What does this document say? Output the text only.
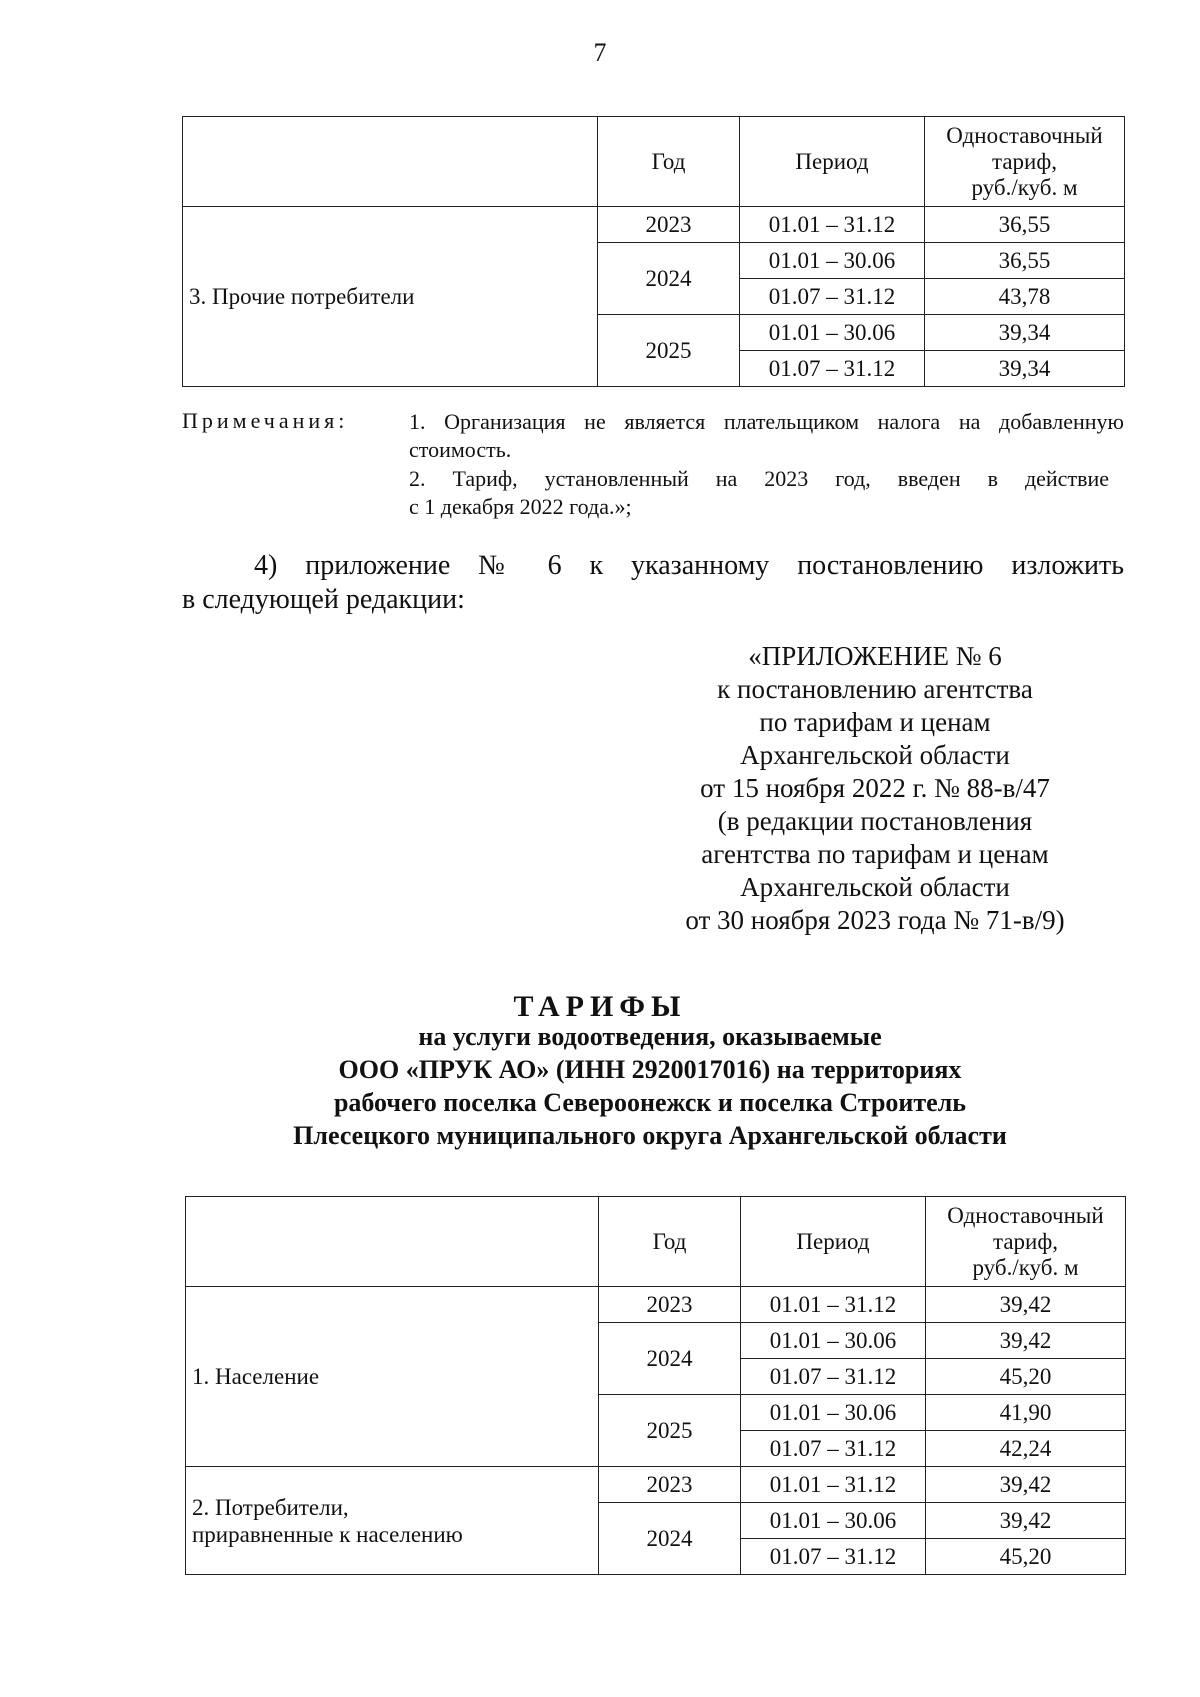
7
	Год	Период	Одноставочный
тариф,
руб./куб. м

3. Прочие потребители	2023	01.01 – 31.12	36,55
	2024	01.01 – 30.06	36,55
		01.07 – 31.12	43,78
	2025	01.01 – 30.06	39,34
		01.07 – 31.12	39,34
Примечания:	1. Организация не является плательщиком налога на добавленную
стоимость.
2. Тариф, установленный на 2023 год, введен в действие
с 1 декабря 2022 года.»;
4) приложение № 6 к указанному постановлению изложить
в следующей редакции:
«ПРИЛОЖЕНИЕ № 6
к постановлению агентства
по тарифам и ценам
Архангельской области
от 15 ноября 2022 г. № 88-в/47
(в редакции постановления
агентства по тарифам и ценам
Архангельской области
от 30 ноября 2023 года № 71-в/9)
ТАРИФЫ
на услуги водоотведения, оказываемые
ООО «ПРУК АО» (ИНН 2920017016) на территориях
рабочего поселка Североонежск и поселка Строитель
Плесецкого муниципального округа Архангельской области
	Год	Период	Одноставочный
тариф,
руб./куб. м

1. Население	2023	01.01 – 31.12	39,42
	2024	01.01 – 30.06	39,42
		01.07 – 31.12	45,20
	2025	01.01 – 30.06	41,90
		01.07 – 31.12	42,24

2. Потребители,
приравненные к населению	2023	01.01 – 31.12	39,42
	2024	01.01 – 30.06	39,42
		01.07 – 31.12	45,20
